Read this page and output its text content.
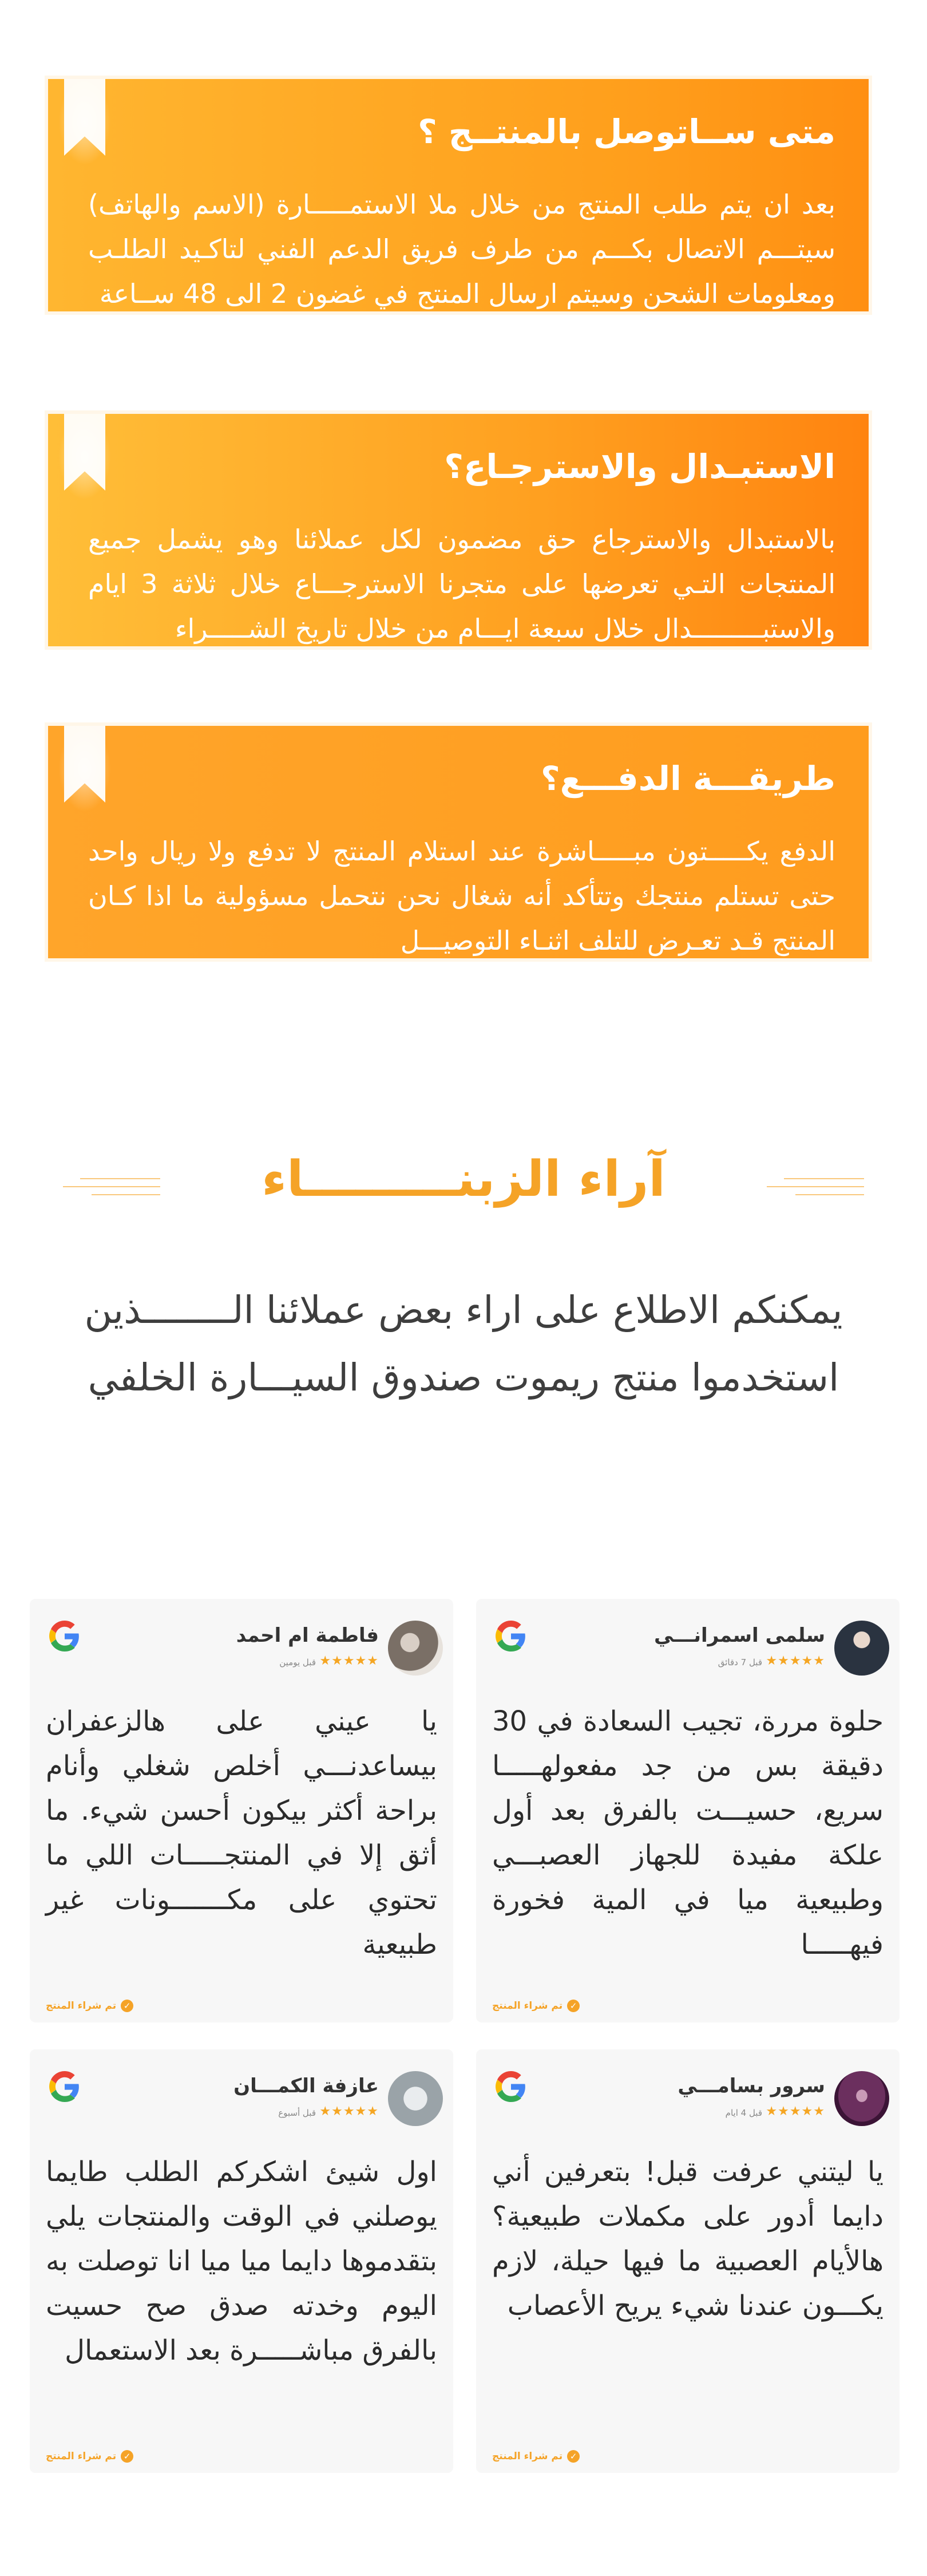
متى ســاتوصل بالمنتــج ؟

بعد ان يتم طلب المنتج من خلال ملا الاستمـــــارة (الاسم والهاتف) سيتـــم الاتصال بكـــم من طرف فريق الدعم الفني لتاكـيد الطلـب ومعلومات الشحن وسيتم ارسال المنتج في غضون 2 الى 48 ســاعة

الاستبـدال والاسترجـاع؟

بالاستبدال والاسترجاع حق مضمون لكل عملائنا وهو يشمل جميع المنتجات التـي تعرضها على متجرنا الاسترجـــاع خلال ثلاثة 3 ايام والاستبـــــــــدال خلال سبعة ايـــام من خلال تاريخ الشـــــراء

طريقـــة الدفـــع؟

الدفع يكـــــتون مبـــــاشرة عند استلام المنتج لا تدفع ولا ريال واحد حتى تستلم منتجك وتتأكد أنه شغال نحن نتحمل مسؤولية ما اذا كـان المنتج قـد تعـرض للتلف اثنـاء التوصيـــل

آراء الزبنـــــــــاء

يمكنكم الاطلاع على اراء بعض عملائنا الــــــــذين استخدموا منتج ريموت صندوق السيـــارة الخلفي

سلمى اسمرانـــي
★★★★★
قبل 7 دقائق

حلوة مررة، تجيب السعادة في 30 دقيقة بس من جد مفعولهـــــا سريع، حسيـــت بالفرق بعد أول علكة مفيدة للجهاز العصبـــي وطبيعية ميا في المية فخورة فيهـــــا

✓
تم شراء المنتج
فاطمة ام احمد
★★★★★
قبل يومين

يا عيني على هالزعفران بيساعدنـــي أخلص شغلي وأنام براحة أكثر بيكون أحسن شيء. ما أثق إلا في المنتجـــــات اللي ما تحتوي على مكـــــــونات غير طبيعية

✓
تم شراء المنتج
سرور بسامـــي
★★★★★
قبل 4 ايام

يا ليتني عرفت قبل! بتعرفين أني دايما أدور على مكملات طبيعية؟ هالأيام العصبية ما فيها حيلة، لازم يكـــون عندنا شيء يريح الأعصاب

✓
تم شراء المنتج
عازفة الكمـــان
★★★★★
قبل أسبوع

اول شيئ اشكركم الطلب طايما يوصلني في الوقت والمنتجات يلي بتقدموها دايما ميا ميا انا توصلت به اليوم وخدته صدق صح حسيت بالفرق مباشـــــرة بعد الاستعمال

✓
تم شراء المنتج
